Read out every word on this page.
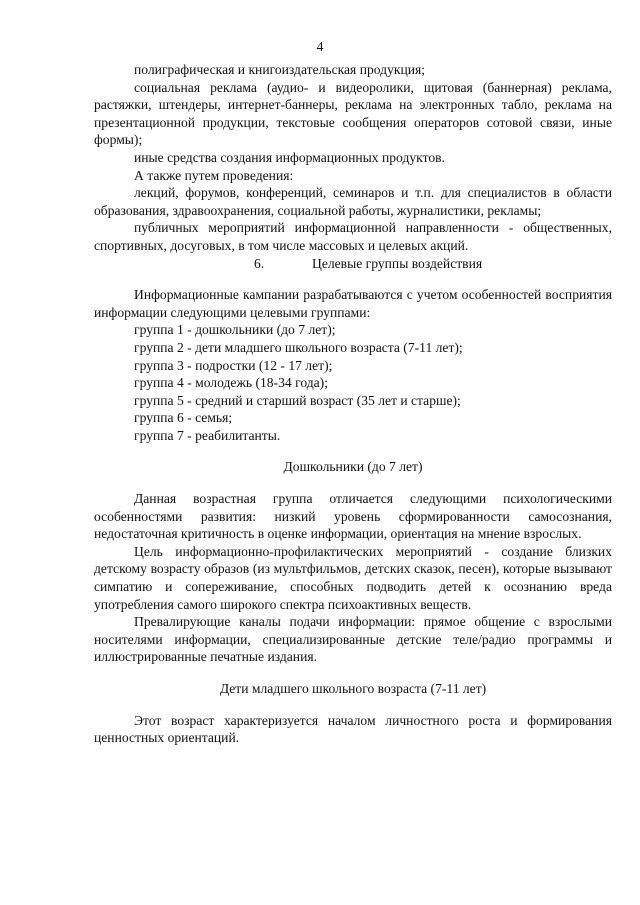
4

полиграфическая и книгоиздательская продукция;

социальная реклама (аудио- и видеоролики, щитовая (баннерная) реклама, растяжки, штендеры, интернет-баннеры, реклама на электронных табло, реклама на презентационной продукции, текстовые сообщения операторов сотовой связи, иные формы);

иные средства создания информационных продуктов.

А также путем проведения:

лекций, форумов, конференций, семинаров и т.п. для специалистов в области образования, здравоохранения, социальной работы, журналистики, рекламы;

публичных мероприятий информационной направленности - общественных, спортивных, досуговых, в том числе массовых и целевых акций.

6.	Целевые группы воздействия

Информационные кампании разрабатываются с учетом особенностей восприятия информации следующими целевыми группами:

группа 1 - дошкольники (до 7 лет);

группа 2 - дети младшего школьного возраста (7-11 лет);

группа 3 - подростки (12 - 17 лет);

группа 4 - молодежь (18-34 года);

группа 5 - средний и старший возраст (35 лет и старше);

группа 6 - семья;

группа 7 - реабилитанты.

Дошкольники (до 7 лет)

Данная возрастная группа отличается следующими психологическими особенностями развития: низкий уровень сформированности самосознания, недостаточная критичность в оценке информации, ориентация на мнение взрослых.

Цель информационно-профилактических мероприятий - создание близких детскому возрасту образов (из мультфильмов, детских сказок, песен), которые вызывают симпатию и сопереживание, способных подводить детей к осознанию вреда употребления самого широкого спектра психоактивных веществ.

Превалирующие каналы подачи информации: прямое общение с взрослыми носителями информации, специализированные детские теле/радио программы и иллюстрированные печатные издания.

Дети младшего школьного возраста (7-11 лет)

Этот возраст характеризуется началом личностного роста и формирования ценностных ориентаций.
